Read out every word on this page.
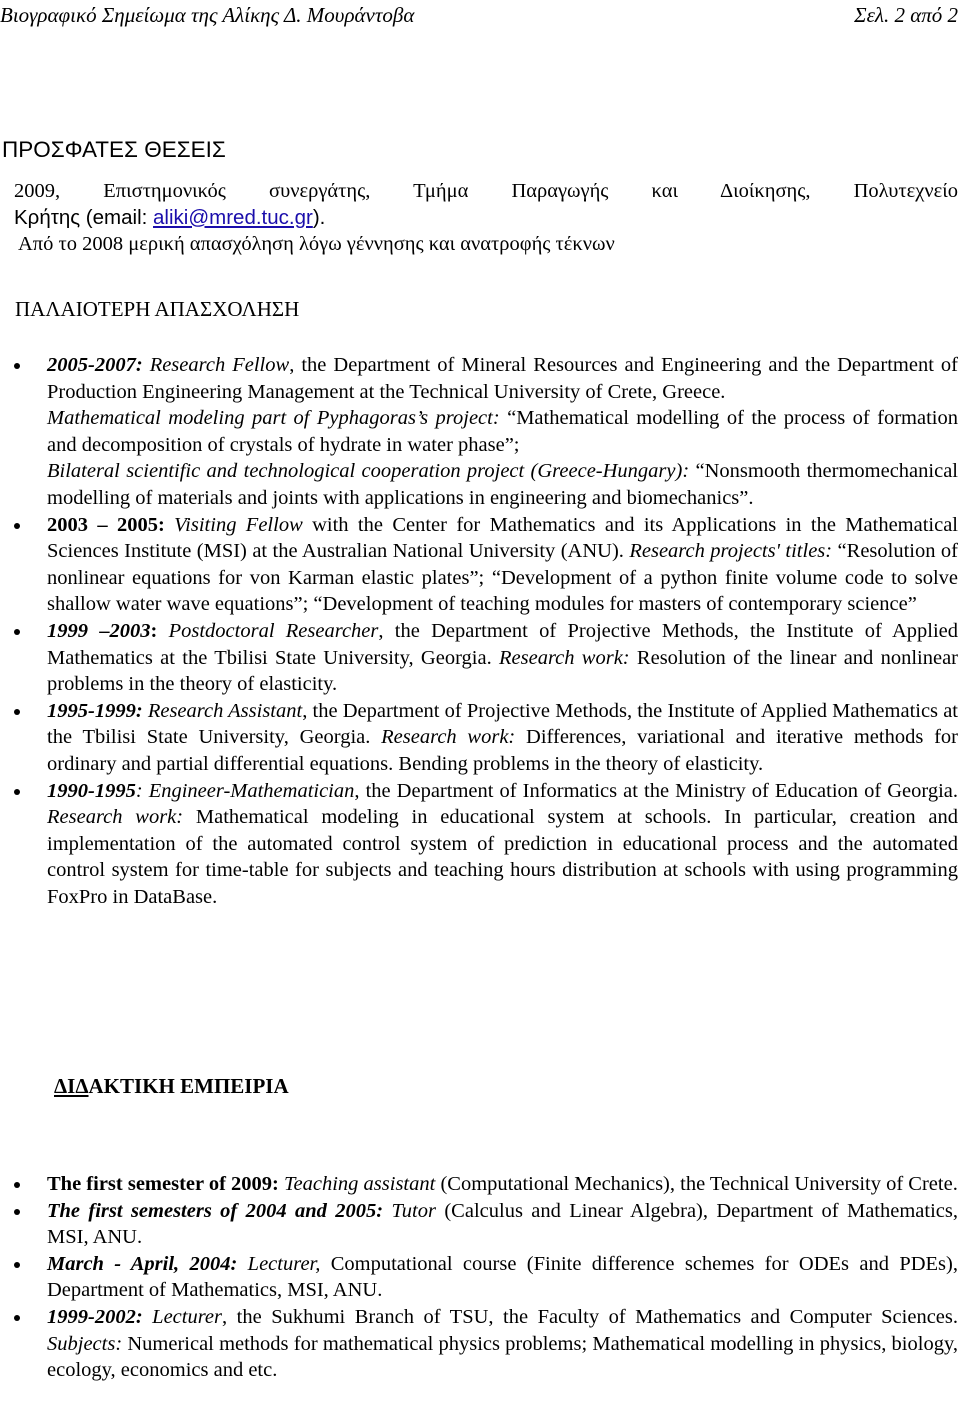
Βιογραφικό Σημείωμα της Αλίκης Δ. Μουράντοβα	Σελ. 2 από 2
ΠΡΟΣΦΑΤΕΣ ΘΕΣΕΙΣ
2009, Επιστημονικός συνεργάτης, Τμήμα Παραγωγής και Διοίκησης, Πολυτεχνείο
Κρήτης (email: aliki@mred.tuc.gr).
Από το 2008 μερική απασχόληση λόγω γέννησης και ανατροφής τέκνων
ΠΑΛΑΙΟΤΕΡΗ ΑΠΑΣΧΟΛΗΣΗ
2005-2007: Research Fellow, the Department of Mineral Resources and Engineering and the Department of Production Engineering Management at the Technical University of Crete, Greece.
Mathematical modeling part of Pyphagoras’s project: “Mathematical modelling of the process of formation and decomposition of crystals of hydrate in water phase”;
Bilateral scientific and technological cooperation project (Greece-Hungary): “Nonsmooth thermomechanical modelling of materials and joints with applications in engineering and biomechanics”.
2003 – 2005: Visiting Fellow with the Center for Mathematics and its Applications in the Mathematical Sciences Institute (MSI) at the Australian National University (ANU). Research projects' titles: “Resolution of nonlinear equations for von Karman elastic plates”; “Development of a python finite volume code to solve shallow water wave equations”; “Development of teaching modules for masters of contemporary science”
1999 –2003: Postdoctoral Researcher, the Department of Projective Methods, the Institute of Applied Mathematics at the Tbilisi State University, Georgia. Research work: Resolution of the linear and nonlinear problems in the theory of elasticity.
1995-1999: Research Assistant, the Department of Projective Methods, the Institute of Applied Mathematics at the Tbilisi State University, Georgia. Research work: Differences, variational and iterative methods for ordinary and partial differential equations. Bending problems in the theory of elasticity.
1990-1995: Engineer-Mathematician, the Department of Informatics at the Ministry of Education of Georgia. Research work: Mathematical modeling in educational system at schools. In particular, creation and implementation of the automated control system of prediction in educational process and the automated control system for time-table for subjects and teaching hours distribution at schools with using programming FoxPro in DataBase.
ΔΙΔΑΚΤΙΚΗ ΕΜΠΕΙΡΙΑ
The first semester of 2009: Teaching assistant (Computational Mechanics), the Technical University of Crete.
The first semesters of 2004 and 2005: Tutor (Calculus and Linear Algebra), Department of Mathematics, MSI, ANU.
March - April, 2004: Lecturer, Computational course (Finite difference schemes for ODEs and PDEs), Department of Mathematics, MSI, ANU.
1999-2002: Lecturer, the Sukhumi Branch of TSU, the Faculty of Mathematics and Computer Sciences. Subjects: Numerical methods for mathematical physics problems; Mathematical modelling in physics, biology, ecology, economics and etc.
